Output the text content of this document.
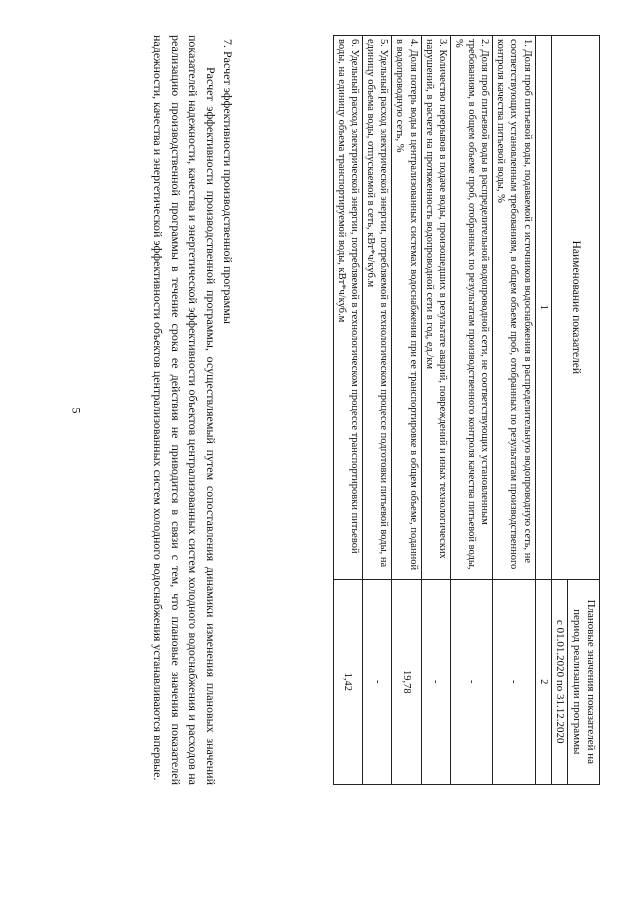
5
Наименование показателей	Плановые значения показателей на период реализации программы
	с 01.01.2020 по 31.12.2020
1	2
1. Доля проб питьевой воды, подаваемой с источников водоснабжения в распределительную водопроводную сеть, не соответствующих установленным требованиям, в общем объеме проб, отобранных по результатам производственного контроля качества питьевой воды, %	-
2. Доля проб питьевой воды в распределительной водопроводной сети, не соответствующих установленным требованиям, в общем объеме проб, отобранных по результатам производственного контроля качества питьевой воды, %	-
3. Количество перерывов в подаче воды, произошедших в результате аварий, повреждений и иных технологических нарушений, в расчете на протяженность водопроводной сети в год, ед./км	-
4. Доля потерь воды в централизованных системах водоснабжения при ее транспортировке в общем объеме, поданной в водопроводную сеть, %	19,78
5. Удельный расход электрической энергии, потребляемой в технологическом процессе подготовки питьевой воды, на единицу объема воды, отпускаемой в сеть, кВт*ч/куб.м	-
6. Удельный расход электрической энергии, потребляемой в технологическом процессе транспортировки питьевой воды, на единицу объема транспортируемой воды, кВт*ч/куб.м	1,42
7. Расчет эффективности производственной программы

Расчет эффективности производственной программы, осуществляемый путем сопоставления динамики изменения плановых значений показателей надежности, качества и энергетической эффективности объектов централизованных систем холодного водоснабжения и расходов на реализацию производственной программы в течение срока ее действия не приводится в связи с тем, что плановые значения показателей надежности, качества и энергетической эффективности объектов централизованных систем холодного водоснабжения устанавливаются впервые.
